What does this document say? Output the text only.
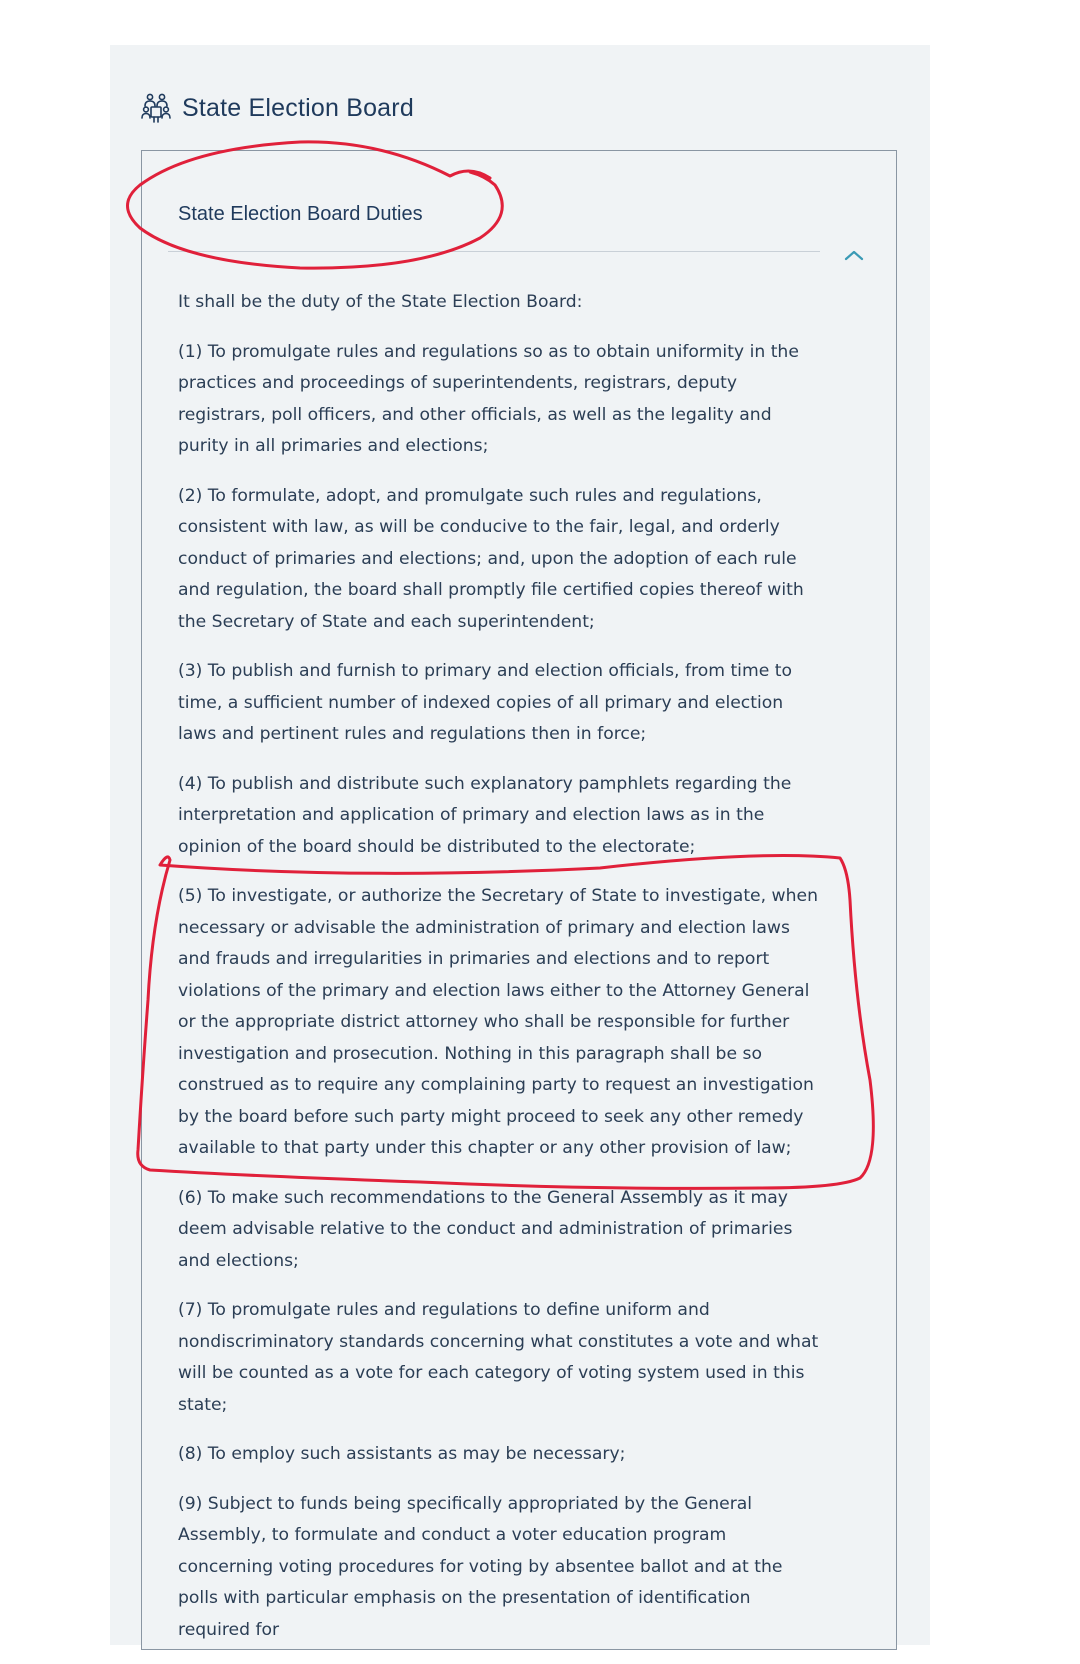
State Election Board
State Election Board Duties

It shall be the duty of the State Election Board:

(1) To promulgate rules and regulations so as to obtain uniformity in the practices and proceedings of superintendents, registrars, deputy registrars, poll officers, and other officials, as well as the legality and purity in all primaries and elections;

(2) To formulate, adopt, and promulgate such rules and regulations, consistent with law, as will be conducive to the fair, legal, and orderly conduct of primaries and elections; and, upon the adoption of each rule and regulation, the board shall promptly file certified copies thereof with the Secretary of State and each superintendent;

(3) To publish and furnish to primary and election officials, from time to time, a sufficient number of indexed copies of all primary and election laws and pertinent rules and regulations then in force;

(4) To publish and distribute such explanatory pamphlets regarding the interpretation and application of primary and election laws as in the opinion of the board should be distributed to the electorate;

(5) To investigate, or authorize the Secretary of State to investigate, when necessary or advisable the administration of primary and election laws and frauds and irregularities in primaries and elections and to report violations of the primary and election laws either to the Attorney General or the appropriate district attorney who shall be responsible for further investigation and prosecution. Nothing in this paragraph shall be so construed as to require any complaining party to request an investigation by the board before such party might proceed to seek any other remedy available to that party under this chapter or any other provision of law;

(6) To make such recommendations to the General Assembly as it may deem advisable relative to the conduct and administration of primaries and elections;

(7) To promulgate rules and regulations to define uniform and nondiscriminatory standards concerning what constitutes a vote and what will be counted as a vote for each category of voting system used in this state;

(8) To employ such assistants as may be necessary;

(9) Subject to funds being specifically appropriated by the General Assembly, to formulate and conduct a voter education program concerning voting procedures for voting by absentee ballot and at the polls with particular emphasis on the presentation of identification required for
